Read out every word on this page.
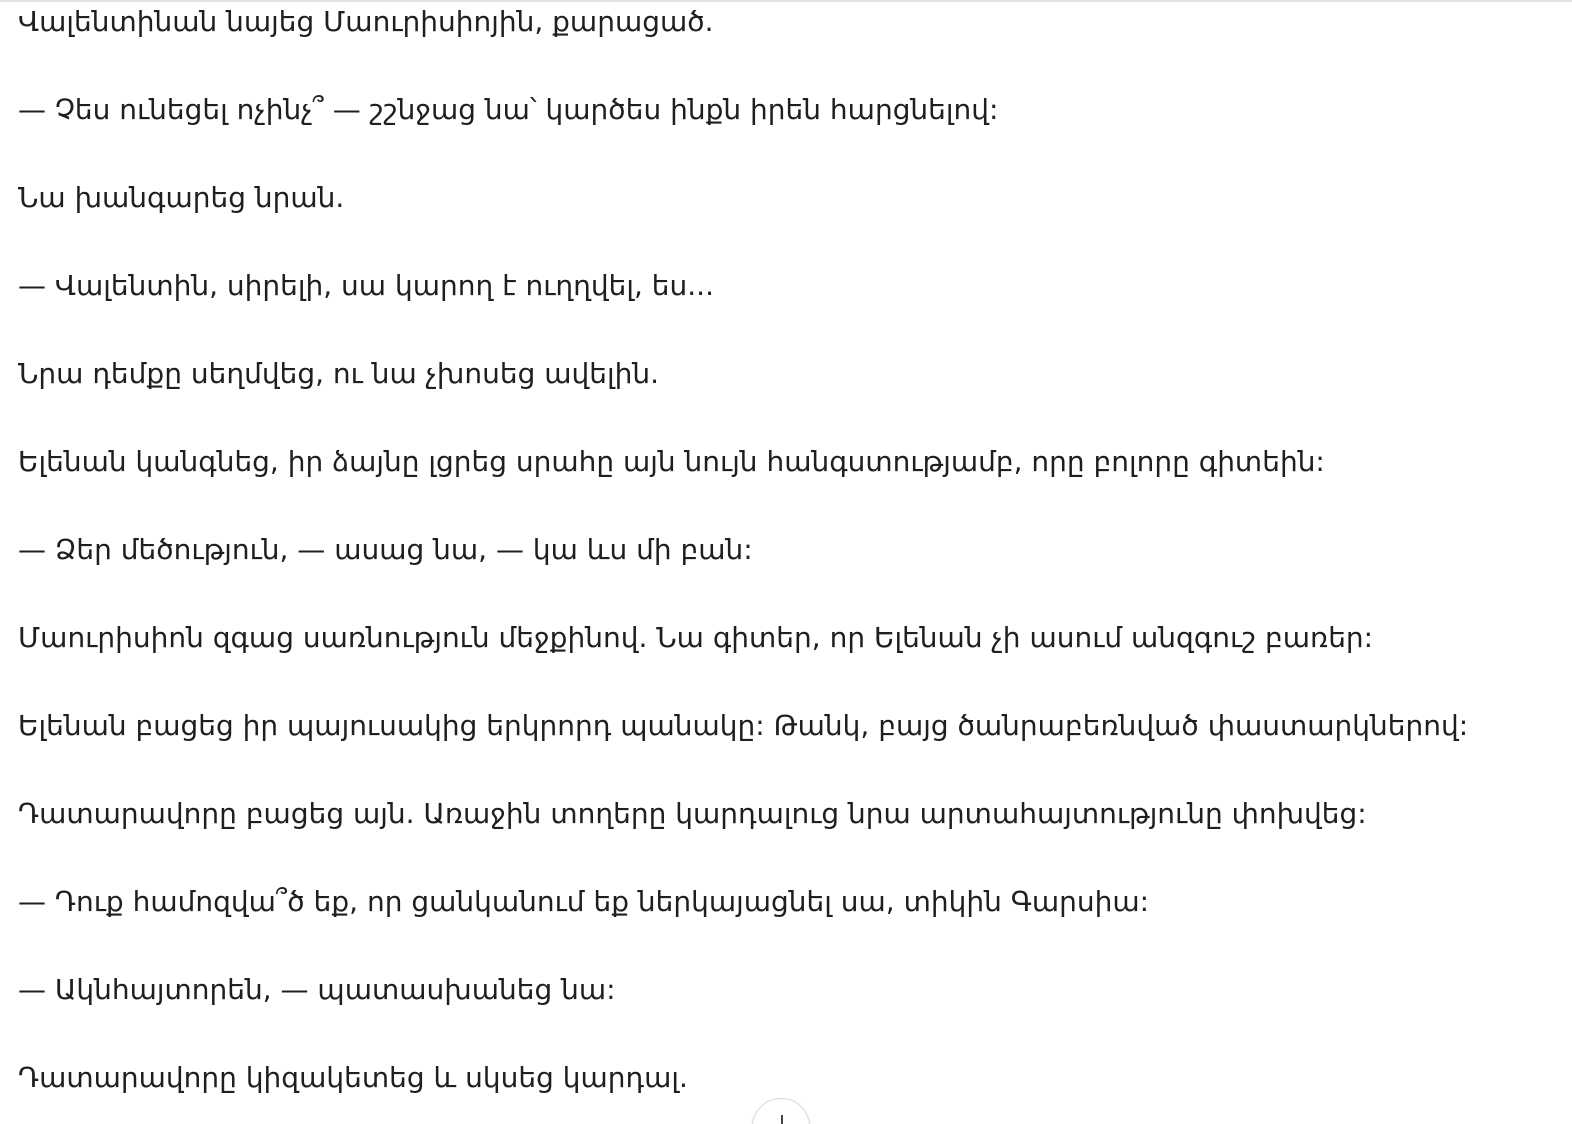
Վալենտինան նայեց Մաուրիսիոյին, քարացած.

— Չես ունեցել ոչինչ՞ — շշնջաց նա՝ կարծես ինքն իրեն հարցնելով:

Նա խանգարեց նրան.

— Վալենտին, սիրելի, սա կարող է ուղղվել, ես...

Նրա դեմքը սեղմվեց, ու նա չխոսեց ավելին.

Ելենան կանգնեց, իր ձայնը լցրեց սրահը այն նույն հանգստությամբ, որը բոլորը գիտեին:

— Ձեր մեծություն, — ասաց նա, — կա ևս մի բան:

Մաուրիսիոն զգաց սառնություն մեջքինով. Նա գիտեր, որ Ելենան չի ասում անզգուշ բառեր:

Ելենան բացեց իր պայուսակից երկրորդ պանակը: Թանկ, բայց ծանրաբեռնված փաստարկներով:

Դատարավորը բացեց այն. Առաջին տողերը կարդալուց նրա արտահայտությունը փոխվեց:

— Դուք համոզվա՞ծ եք, որ ցանկանում եք ներկայացնել սա, տիկին Գարսիա:

— Ակնհայտորեն, — պատասխանեց նա:

Դատարավորը կիզակետեց և սկսեց կարդալ.
